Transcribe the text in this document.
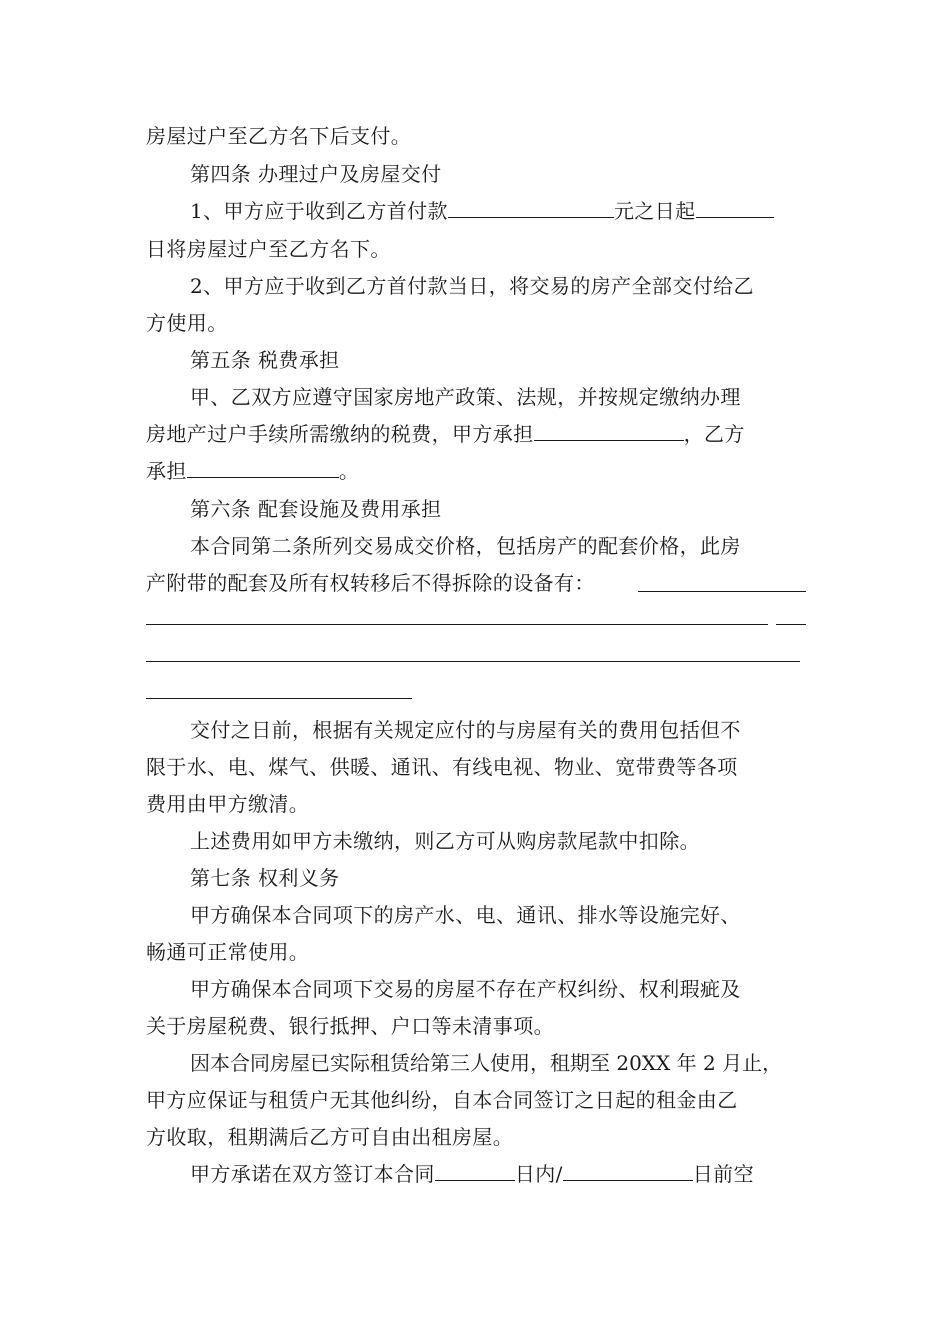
房屋过户至乙方名下后支付。
第四条 办理过户及房屋交付
1、甲方应于收到乙方首付款	元之日起
日将房屋过户至乙方名下。
2、甲方应于收到乙方首付款当日，将交易的房产全部交付给乙
方使用。
第五条 税费承担
甲、乙双方应遵守国家房地产政策、法规，并按规定缴纳办理
房地产过户手续所需缴纳的税费，甲方承担	，乙方
承担	。
第六条 配套设施及费用承担
本合同第二条所列交易成交价格，包括房产的配套价格，此房
产附带的配套及所有权转移后不得拆除的设备有：
交付之日前，根据有关规定应付的与房屋有关的费用包括但不
限于水、电、煤气、供暖、通讯、有线电视、物业、宽带费等各项
费用由甲方缴清。
上述费用如甲方未缴纳，则乙方可从购房款尾款中扣除。
第七条 权利义务
甲方确保本合同项下的房产水、电、通讯、排水等设施完好、
畅通可正常使用。
甲方确保本合同项下交易的房屋不存在产权纠纷、权利瑕疵及
关于房屋税费、银行抵押、户口等未清事项。
因本合同房屋已实际租赁给第三人使用，租期至 20XX 年 2 月止，
甲方应保证与租赁户无其他纠纷，自本合同签订之日起的租金由乙
方收取，租期满后乙方可自由出租房屋。
甲方承诺在双方签订本合同	日内/	日前空
